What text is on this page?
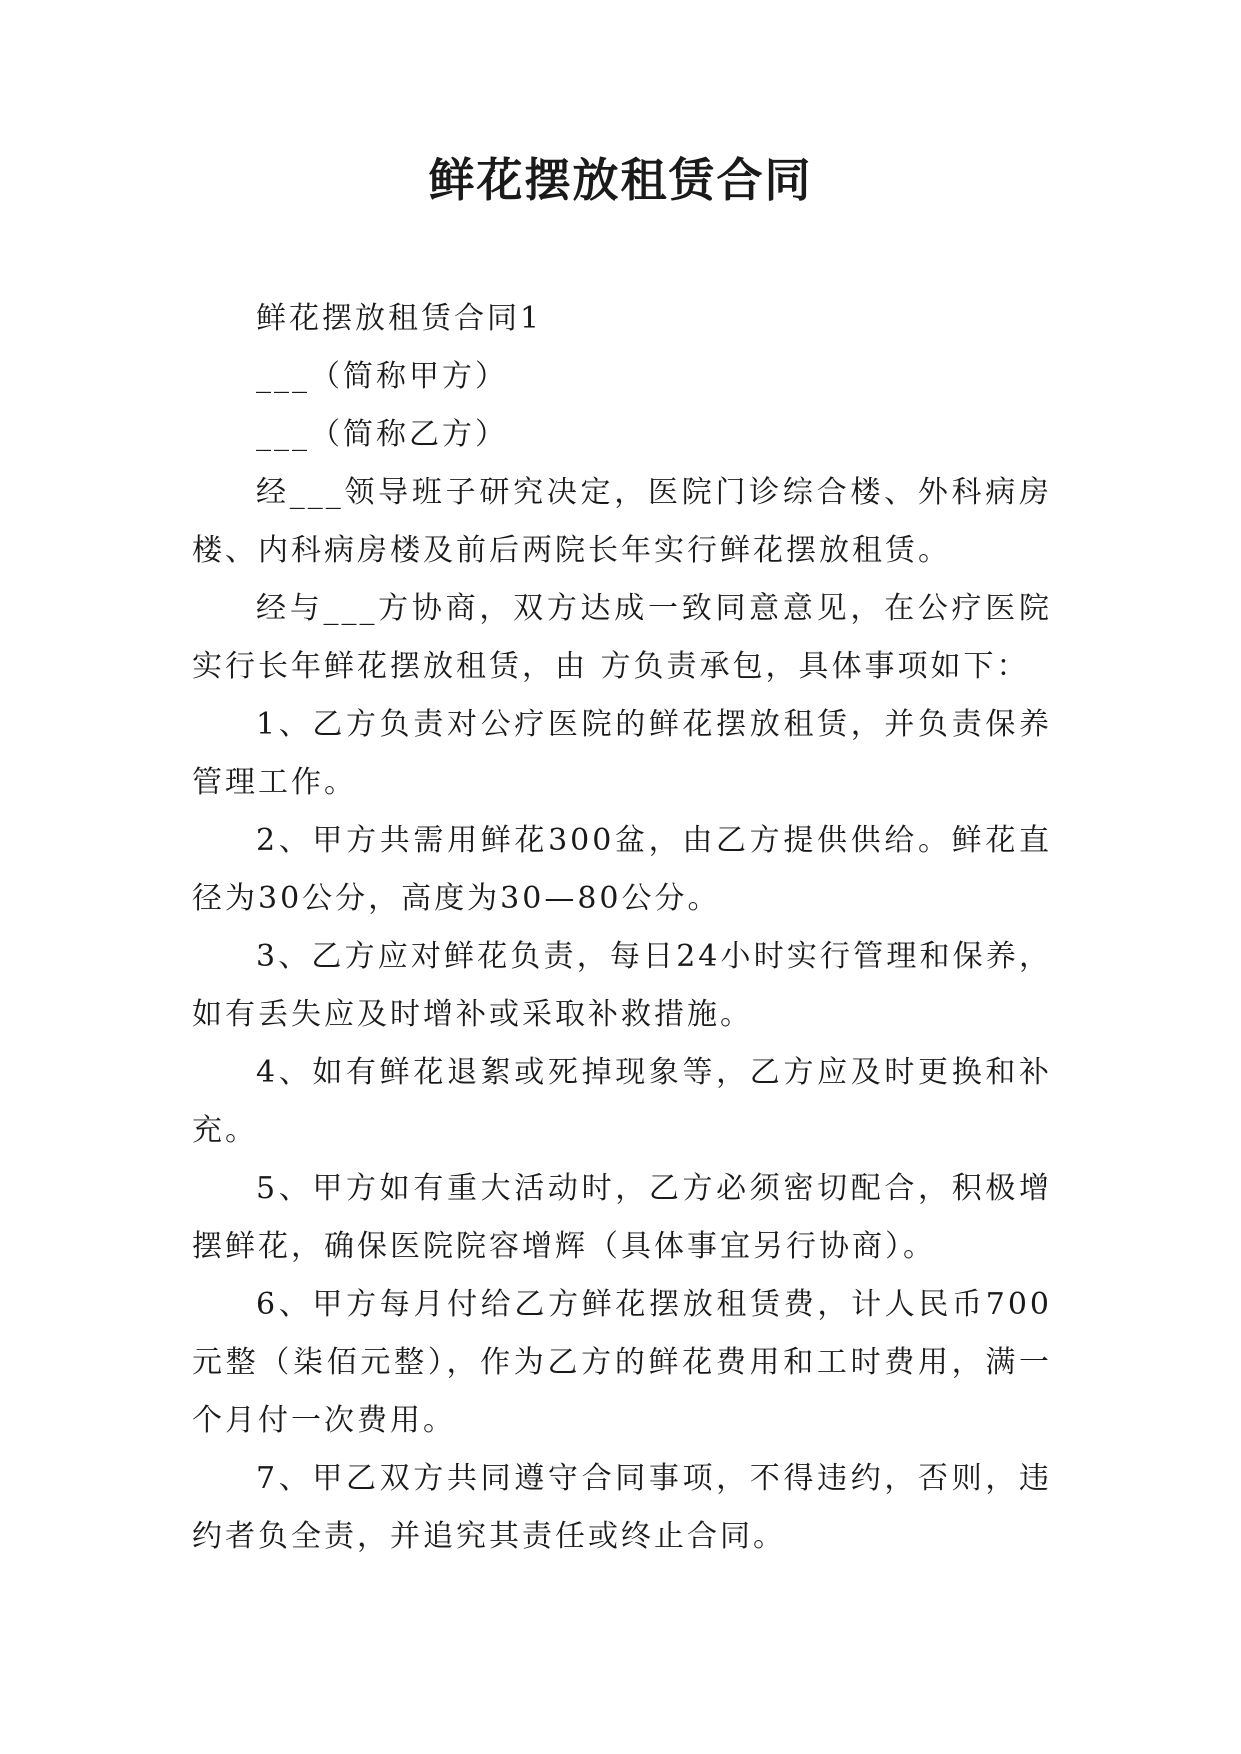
鲜花摆放租赁合同

鲜花摆放租赁合同1

___（简称甲方）

___（简称乙方）

经___领导班子研究决定，医院门诊综合楼、外科病房楼、内科病房楼及前后两院长年实行鲜花摆放租赁。

经与___方协商，双方达成一致同意意见，在公疗医院实行长年鲜花摆放租赁，由 方负责承包，具体事项如下：

1、乙方负责对公疗医院的鲜花摆放租赁，并负责保养管理工作。

2、甲方共需用鲜花300盆，由乙方提供供给。鲜花直径为30公分，高度为30—80公分。

3、乙方应对鲜花负责，每日24小时实行管理和保养，如有丢失应及时增补或采取补救措施。

4、如有鲜花退絮或死掉现象等，乙方应及时更换和补充。

5、甲方如有重大活动时，乙方必须密切配合，积极增摆鲜花，确保医院院容增辉（具体事宜另行协商）。

6、甲方每月付给乙方鲜花摆放租赁费，计人民币700元整（柒佰元整），作为乙方的鲜花费用和工时费用，满一个月付一次费用。

7、甲乙双方共同遵守合同事项，不得违约，否则，违约者负全责，并追究其责任或终止合同。
